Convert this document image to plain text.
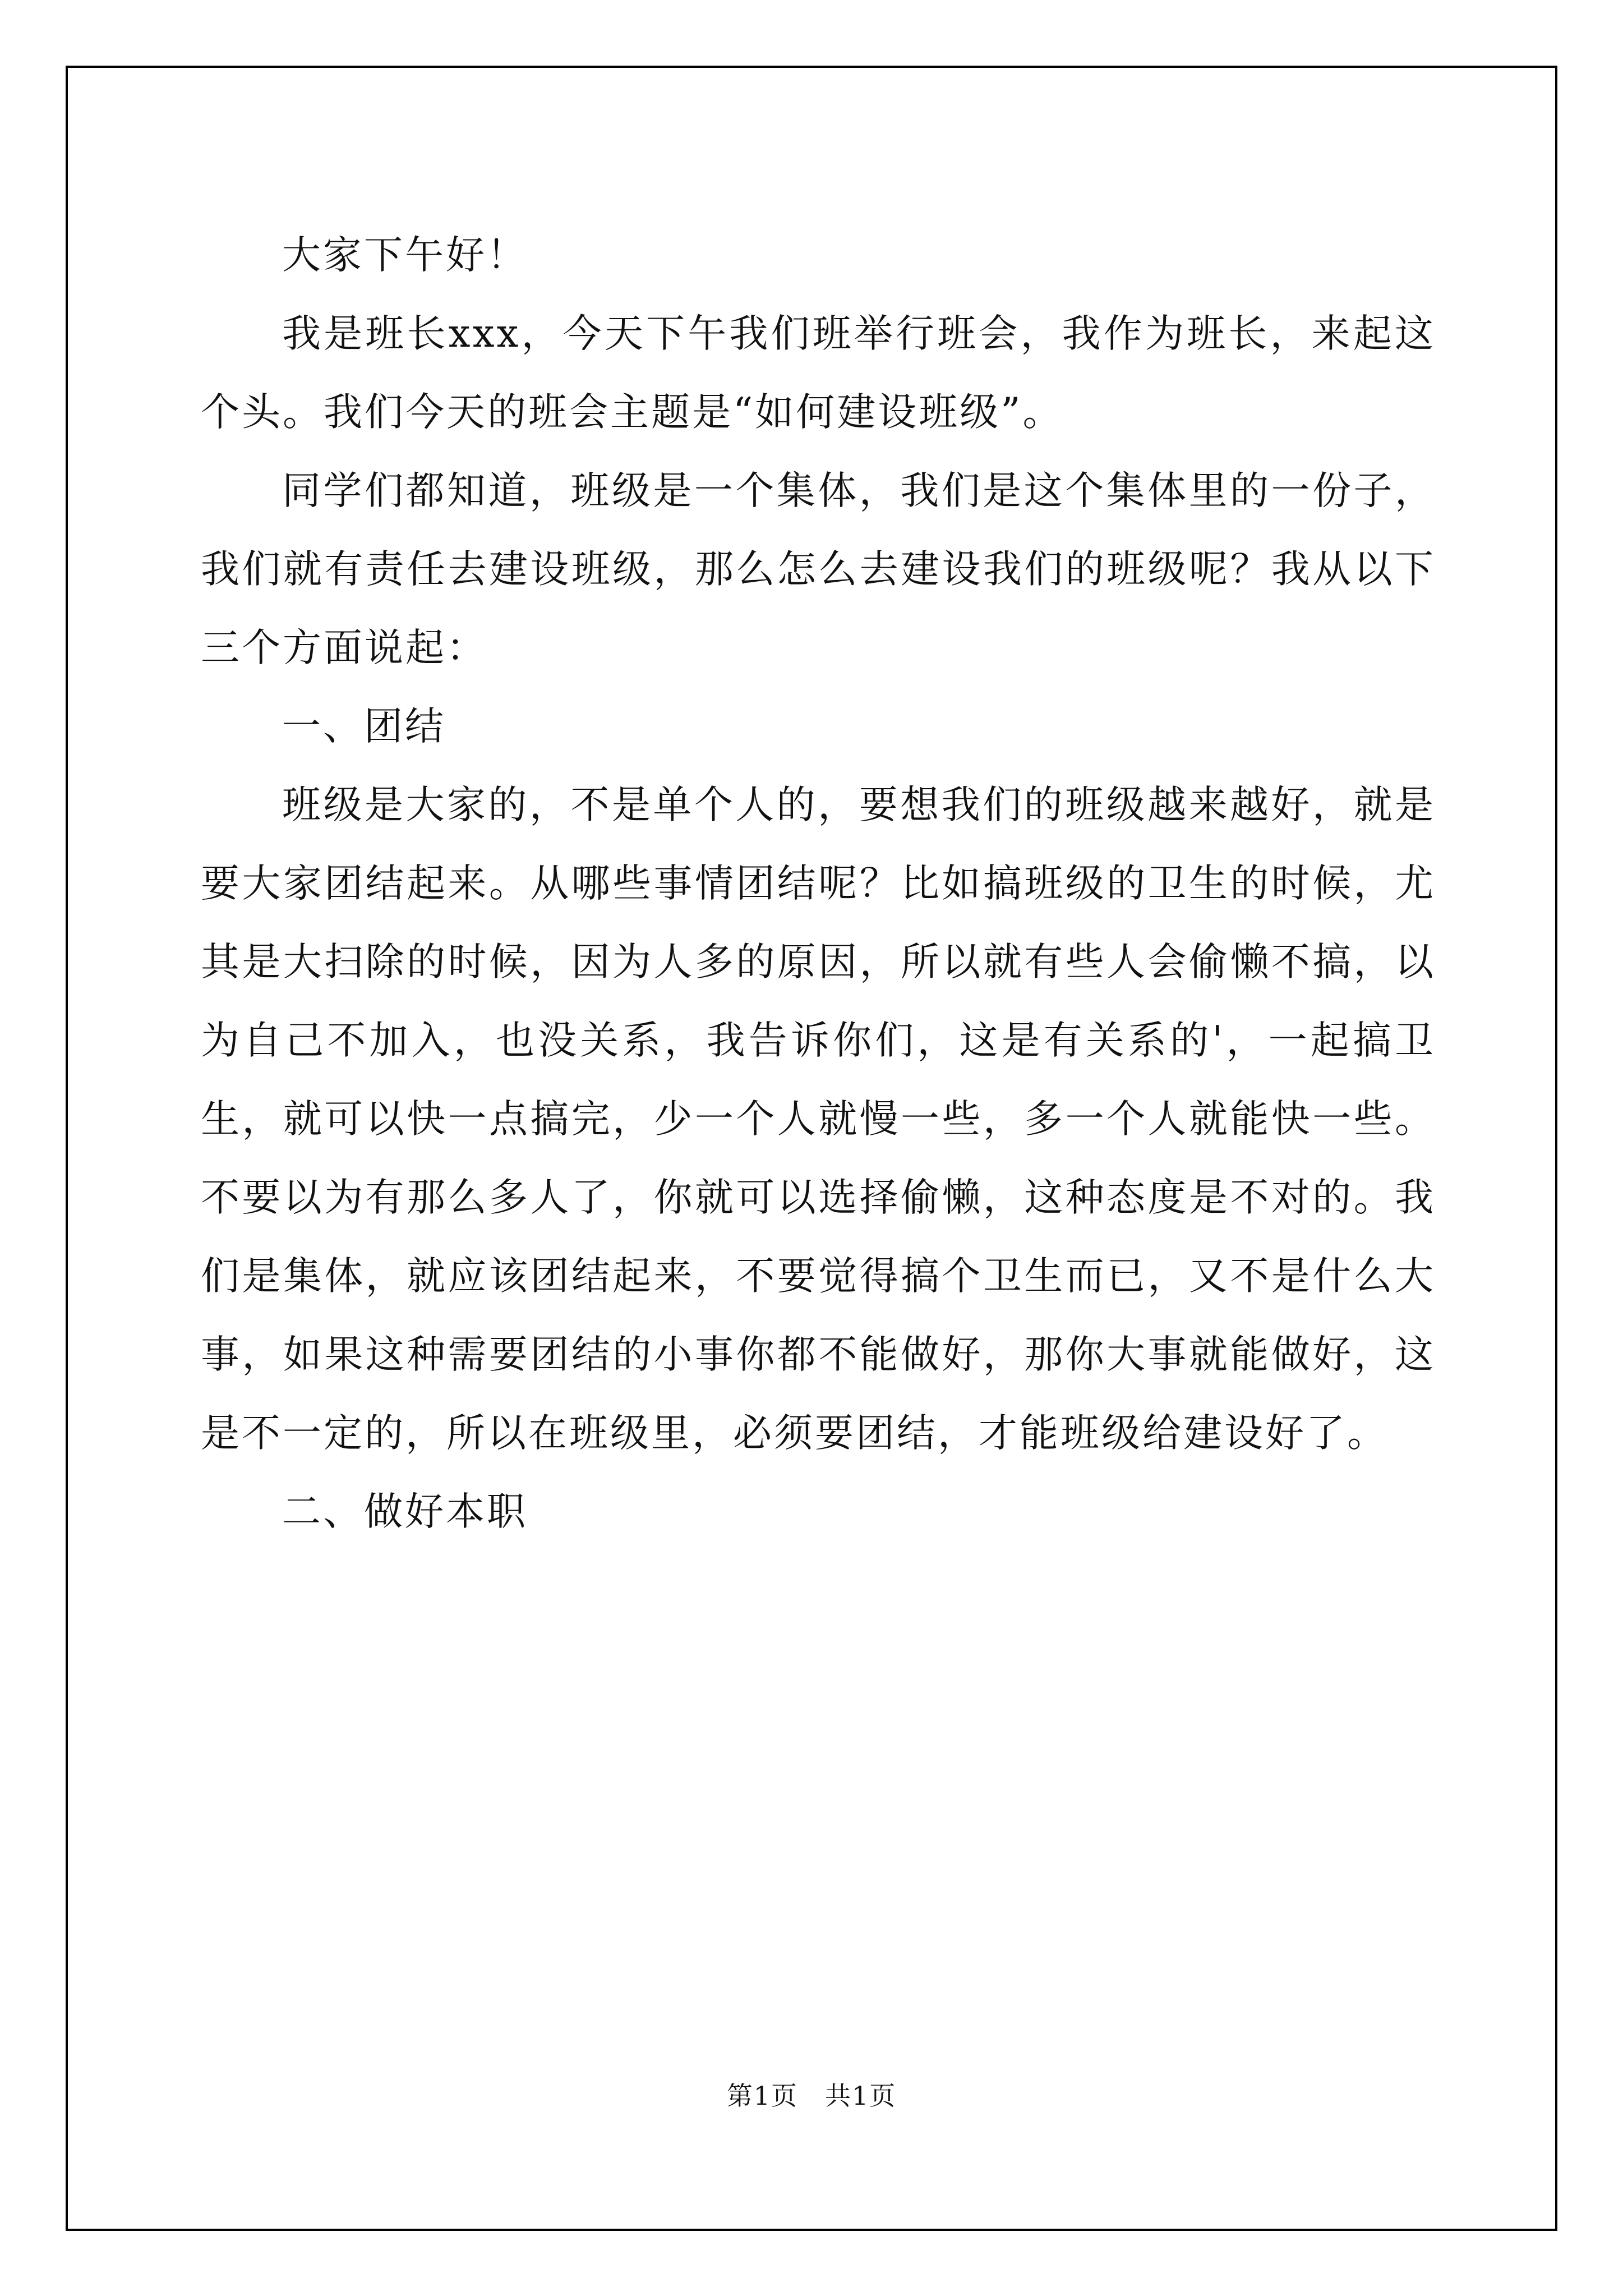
大家下午好！

我是班长xxx，今天下午我们班举行班会，我作为班长，来起这个头。我们今天的班会主题是“如何建设班级”。

同学们都知道，班级是一个集体，我们是这个集体里的一份子，我们就有责任去建设班级，那么怎么去建设我们的班级呢？我从以下三个方面说起：

一、团结

班级是大家的，不是单个人的，要想我们的班级越来越好，就是要大家团结起来。从哪些事情团结呢？比如搞班级的卫生的时候，尤其是大扫除的时候，因为人多的原因，所以就有些人会偷懒不搞，以为自己不加入，也没关系，我告诉你们，这是有关系的'，一起搞卫生，就可以快一点搞完，少一个人就慢一些，多一个人就能快一些。不要以为有那么多人了，你就可以选择偷懒，这种态度是不对的。我们是集体，就应该团结起来，不要觉得搞个卫生而已，又不是什么大事，如果这种需要团结的小事你都不能做好，那你大事就能做好，这是不一定的，所以在班级里，必须要团结，才能班级给建设好了。

二、做好本职

第1页　共1页
